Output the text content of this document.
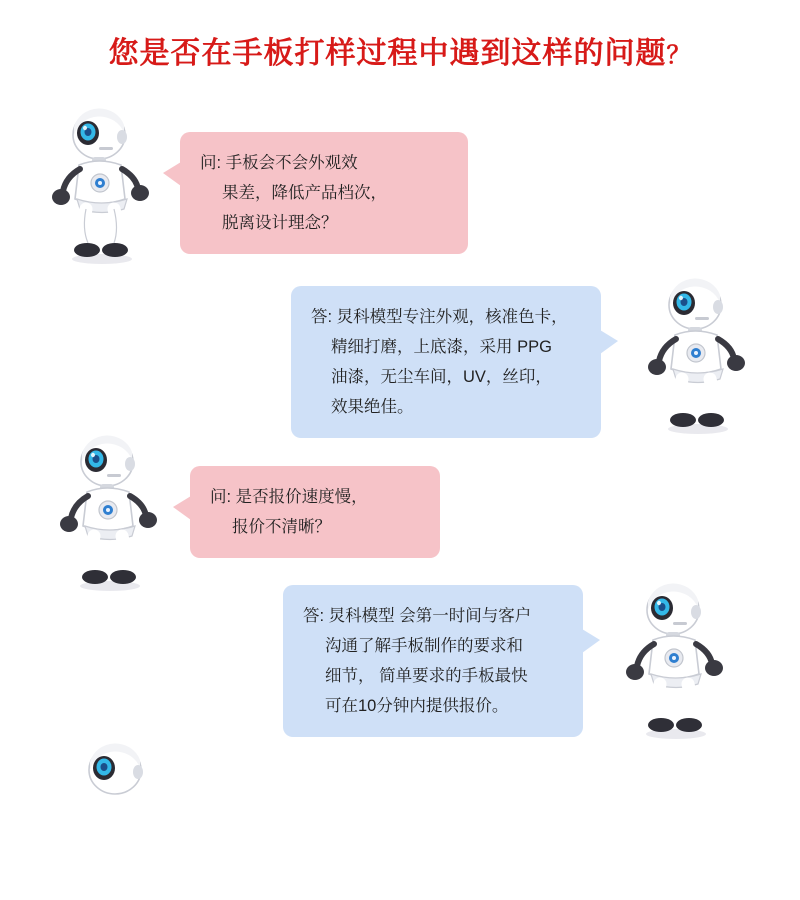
您是否在手板打样过程中遇到这样的问题？
问: 手板会不会外观效
果差，降低产品档次，
脱离设计理念？
答: 炅科模型专注外观，核准色卡，
精细打磨，上底漆，采用 PPG
油漆，无尘车间，UV，丝印，
效果绝佳。
问: 是否报价速度慢，
报价不清晰？
答: 炅科模型 会第一时间与客户
沟通了解手板制作的要求和
细节， 简单要求的手板最快
可在10分钟内提供报价。
